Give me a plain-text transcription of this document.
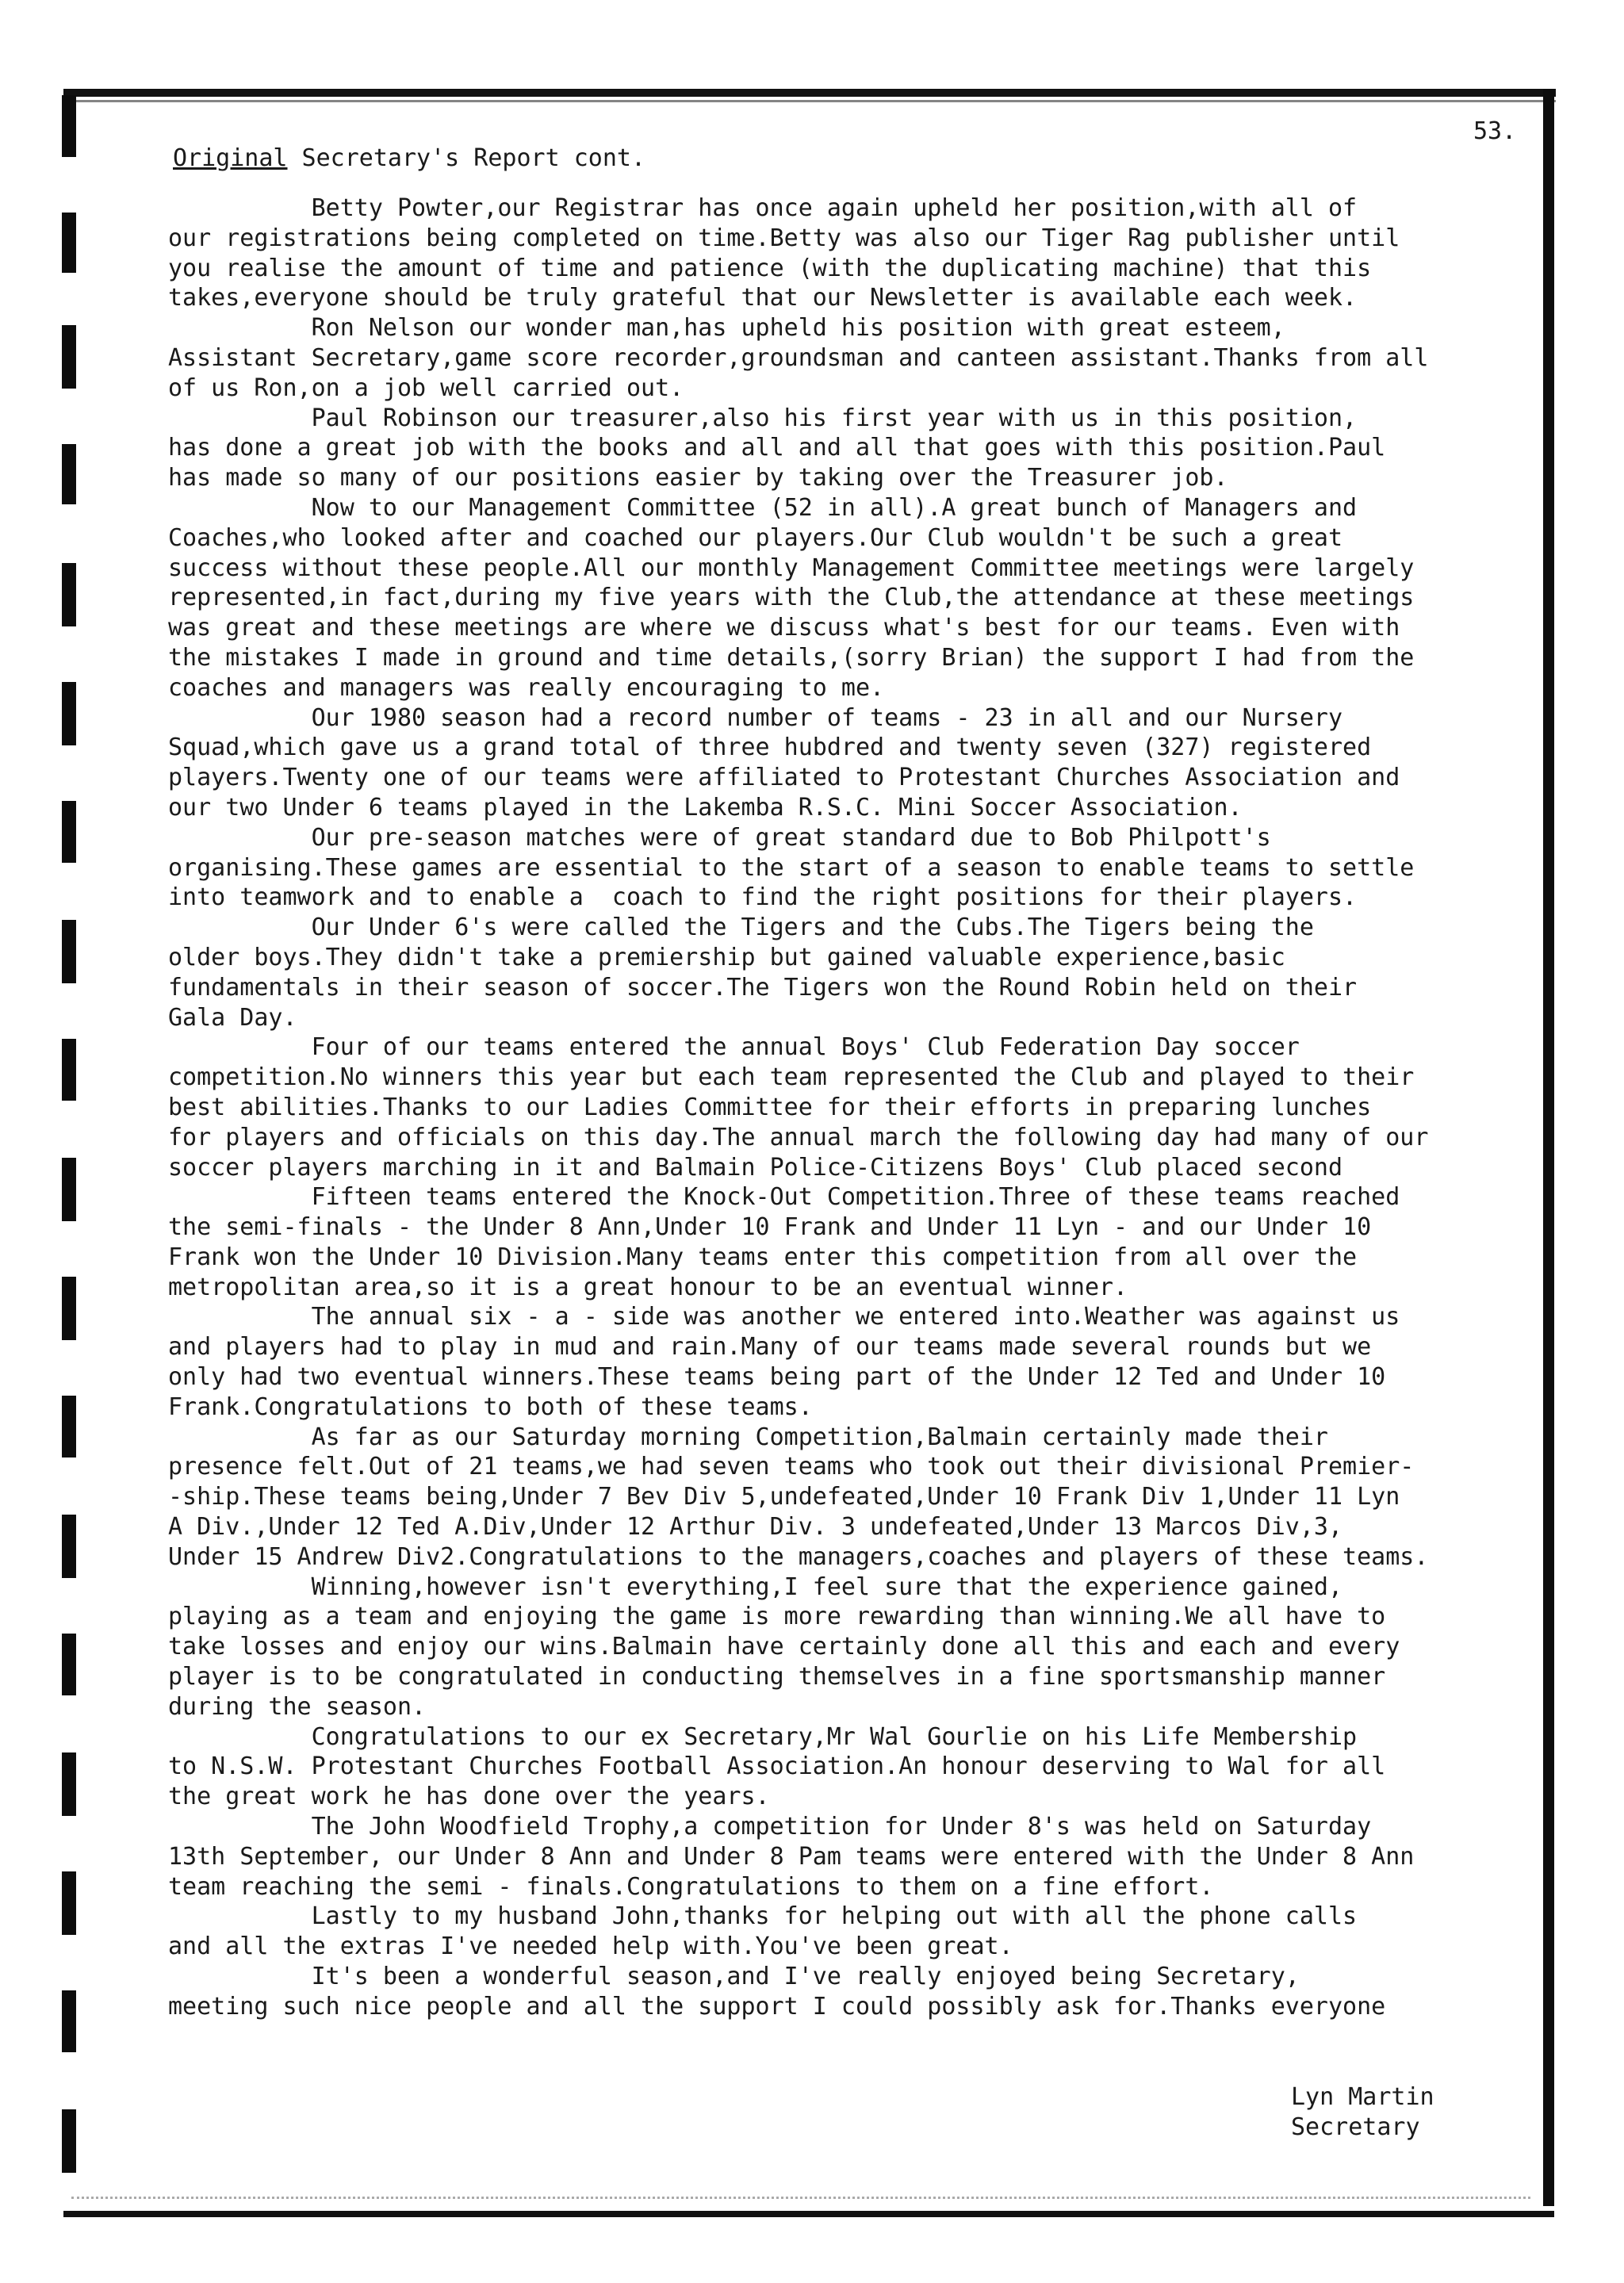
53.
Original Secretary's Report cont.
Betty Powter,our Registrar has once again upheld her position,with all of
our registrations being completed on time.Betty was also our Tiger Rag publisher until
you realise the amount of time and patience (with the duplicating machine) that this
takes,everyone should be truly grateful that our Newsletter is available each week.
Ron Nelson our wonder man,has upheld his position with great esteem,
Assistant Secretary,game score recorder,groundsman and canteen assistant.Thanks from all
of us Ron,on a job well carried out.
Paul Robinson our treasurer,also his first year with us in this position,
has done a great job with the books and all and all that goes with this position.Paul
has made so many of our positions easier by taking over the Treasurer job.
Now to our Management Committee (52 in all).A great bunch of Managers and
Coaches,who looked after and coached our players.Our Club wouldn't be such a great
success without these people.All our monthly Management Committee meetings were largely
represented,in fact,during my five years with the Club,the attendance at these meetings
was great and these meetings are where we discuss what's best for our teams. Even with
the mistakes I made in ground and time details,(sorry Brian) the support I had from the
coaches and managers was really encouraging to me.
Our 1980 season had a record number of teams - 23 in all and our Nursery
Squad,which gave us a grand total of three hubdred and twenty seven (327) registered
players.Twenty one of our teams were affiliated to Protestant Churches Association and
our two Under 6 teams played in the Lakemba R.S.C. Mini Soccer Association.
Our pre-season matches were of great standard due to Bob Philpott's
organising.These games are essential to the start of a season to enable teams to settle
into teamwork and to enable a  coach to find the right positions for their players.
Our Under 6's were called the Tigers and the Cubs.The Tigers being the
older boys.They didn't take a premiership but gained valuable experience,basic
fundamentals in their season of soccer.The Tigers won the Round Robin held on their
Gala Day.
Four of our teams entered the annual Boys' Club Federation Day soccer
competition.No winners this year but each team represented the Club and played to their
best abilities.Thanks to our Ladies Committee for their efforts in preparing lunches
for players and officials on this day.The annual march the following day had many of our
soccer players marching in it and Balmain Police-Citizens Boys' Club placed second
Fifteen teams entered the Knock-Out Competition.Three of these teams reached
the semi-finals - the Under 8 Ann,Under 10 Frank and Under 11 Lyn - and our Under 10
Frank won the Under 10 Division.Many teams enter this competition from all over the
metropolitan area,so it is a great honour to be an eventual winner.
The annual six - a - side was another we entered into.Weather was against us
and players had to play in mud and rain.Many of our teams made several rounds but we
only had two eventual winners.These teams being part of the Under 12 Ted and Under 10
Frank.Congratulations to both of these teams.
As far as our Saturday morning Competition,Balmain certainly made their
presence felt.Out of 21 teams,we had seven teams who took out their divisional Premier-
-ship.These teams being,Under 7 Bev Div 5,undefeated,Under 10 Frank Div 1,Under 11 Lyn
A Div.,Under 12 Ted A.Div,Under 12 Arthur Div. 3 undefeated,Under 13 Marcos Div,3,
Under 15 Andrew Div2.Congratulations to the managers,coaches and players of these teams.
Winning,however isn't everything,I feel sure that the experience gained,
playing as a team and enjoying the game is more rewarding than winning.We all have to
take losses and enjoy our wins.Balmain have certainly done all this and each and every
player is to be congratulated in conducting themselves in a fine sportsmanship manner
during the season.
Congratulations to our ex Secretary,Mr Wal Gourlie on his Life Membership
to N.S.W. Protestant Churches Football Association.An honour deserving to Wal for all
the great work he has done over the years.
The John Woodfield Trophy,a competition for Under 8's was held on Saturday
13th September, our Under 8 Ann and Under 8 Pam teams were entered with the Under 8 Ann
team reaching the semi - finals.Congratulations to them on a fine effort.
Lastly to my husband John,thanks for helping out with all the phone calls
and all the extras I've needed help with.You've been great.
It's been a wonderful season,and I've really enjoyed being Secretary,
meeting such nice people and all the support I could possibly ask for.Thanks everyone
Lyn Martin
Secretary
